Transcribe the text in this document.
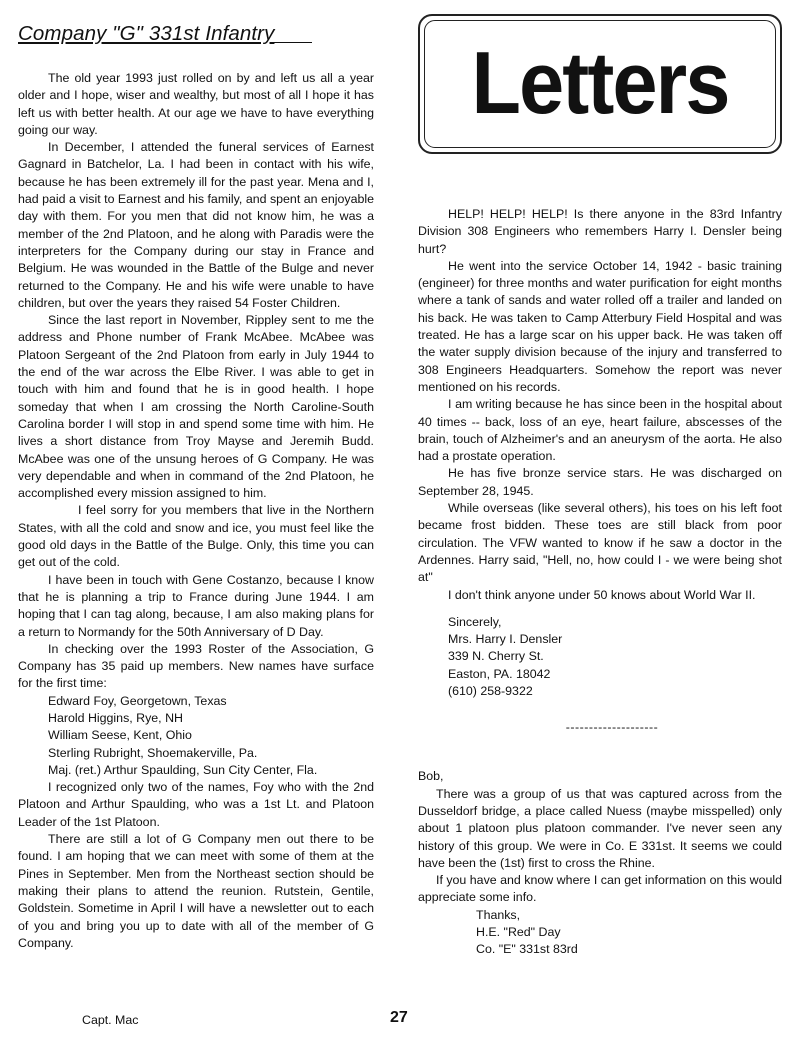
Company "G" 331st Infantry

The old year 1993 just rolled on by and left us all a year older and I hope, wiser and wealthy, but most of all I hope it has left us with better health. At our age we have to have everything going our way.

In December, I attended the funeral services of Earnest Gagnard in Batchelor, La. I had been in contact with his wife, because he has been extremely ill for the past year. Mena and I, had paid a visit to Earnest and his family, and spent an enjoyable day with them. For you men that did not know him, he was a member of the 2nd Platoon, and he along with Paradis were the interpreters for the Company during our stay in France and Belgium. He was wounded in the Battle of the Bulge and never returned to the Company. He and his wife were unable to have children, but over the years they raised 54 Foster Children.

Since the last report in November, Rippley sent to me the address and Phone number of Frank McAbee. McAbee was Platoon Sergeant of the 2nd Platoon from early in July 1944 to the end of the war across the Elbe River. I was able to get in touch with him and found that he is in good health. I hope someday that when I am crossing the North Caroline-South Carolina border I will stop in and spend some time with him. He lives a short distance from Troy Mayse and Jeremih Budd. McAbee was one of the unsung heroes of G Company. He was very dependable and when in command of the 2nd Platoon, he accomplished every mission assigned to him.

I feel sorry for you members that live in the Northern States, with all the cold and snow and ice, you must feel like the good old days in the Battle of the Bulge. Only, this time you can get out of the cold.

I have been in touch with Gene Costanzo, because I know that he is planning a trip to France during June 1944. I am hoping that I can tag along, because, I am also making plans for a return to Normandy for the 50th Anniversary of D Day.

In checking over the 1993 Roster of the Association, G Company has 35 paid up members. New names have surface for the first time:

Edward Foy, Georgetown, Texas
Harold Higgins, Rye, NH
William Seese, Kent, Ohio
Sterling Rubright, Shoemakerville, Pa.
Maj. (ret.) Arthur Spaulding, Sun City Center, Fla.

I recognized only two of the names, Foy who with the 2nd Platoon and Arthur Spaulding, who was a 1st Lt. and Platoon Leader of the 1st Platoon.

There are still a lot of G Company men out there to be found. I am hoping that we can meet with some of them at the Pines in September. Men from the Northeast section should be making their plans to attend the reunion. Rutstein, Gentile, Goldstein. Sometime in April I will have a newsletter out to each of you and bring you up to date with all of the member of G Company.

Letters

HELP! HELP! HELP! Is there anyone in the 83rd Infantry Division 308 Engineers who remembers Harry I. Densler being hurt?

He went into the service October 14, 1942 - basic training (engineer) for three months and water purification for eight months where a tank of sands and water rolled off a trailer and landed on his back. He was taken to Camp Atterbury Field Hospital and was treated. He has a large scar on his upper back. He was taken off the water supply division because of the injury and transferred to 308 Engineers Headquarters. Somehow the report was never mentioned on his records.

I am writing because he has since been in the hospital about 40 times -- back, loss of an eye, heart failure, abscesses of the brain, touch of Alzheimer's and an aneurysm of the aorta. He also had a prostate operation.

He has five bronze service stars. He was discharged on September 28, 1945.

While overseas (like several others), his toes on his left foot became frost bidden. These toes are still black from poor circulation. The VFW wanted to know if he saw a doctor in the Ardennes. Harry said, "Hell, no, how could I - we were being shot at"

I don't think anyone under 50 knows about World War II.

Sincerely,
Mrs. Harry I. Densler
339 N. Cherry St.
Easton, PA. 18042
(610) 258-9322
--------------------

Bob,

There was a group of us that was captured across from the Dusseldorf bridge, a place called Nuess (maybe misspelled) only about 1 platoon plus platoon commander. I've never seen any history of this group. We were in Co. E 331st. It seems we could have been the (1st) first to cross the Rhine.

If you have and know where I can get information on this would appreciate some info.

Thanks,
H.E. "Red" Day
Co. "E" 331st 83rd
Capt. Mac	27
